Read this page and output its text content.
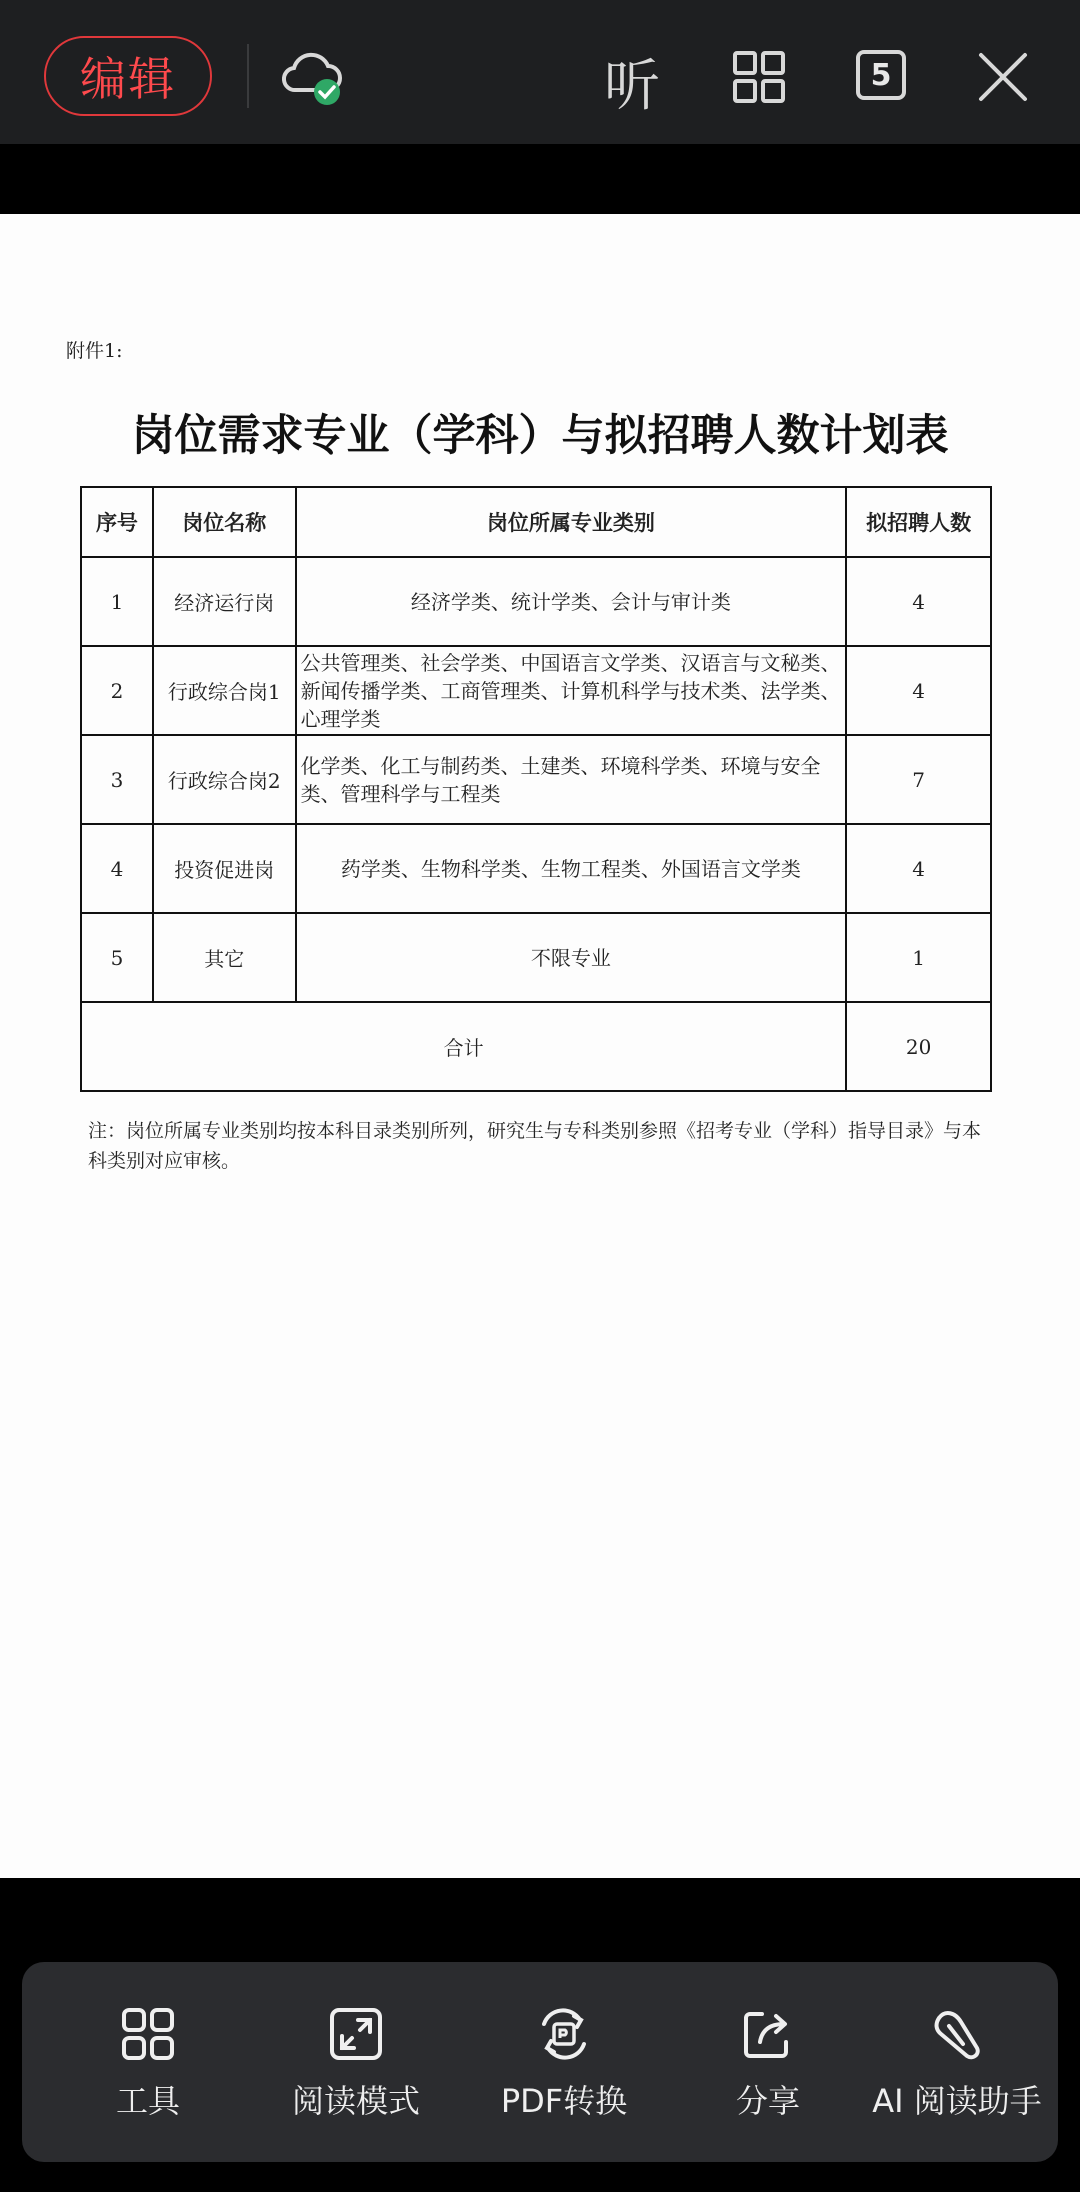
编辑	听	5
附件1:
岗位需求专业（学科）与拟招聘人数计划表
序号	岗位名称	岗位所属专业类别	拟招聘人数
1	经济运行岗	经济学类、统计学类、会计与审计类	4
2	行政综合岗1	公共管理类、社会学类、中国语言文学类、汉语言与文秘类、新闻传播学类、工商管理类、计算机科学与技术类、法学类、心理学类	4
3	行政综合岗2	化学类、化工与制药类、土建类、环境科学类、环境与安全类、管理科学与工程类	7
4	投资促进岗	药学类、生物科学类、生物工程类、外国语言文学类	4
5	其它	不限专业	1
合计			20
注：岗位所属专业类别均按本科目录类别所列，研究生与专科类别参照《招考专业（学科）指导目录》与本科类别对应审核。
工具	阅读模式	PDF转换	分享	AI 阅读助手
